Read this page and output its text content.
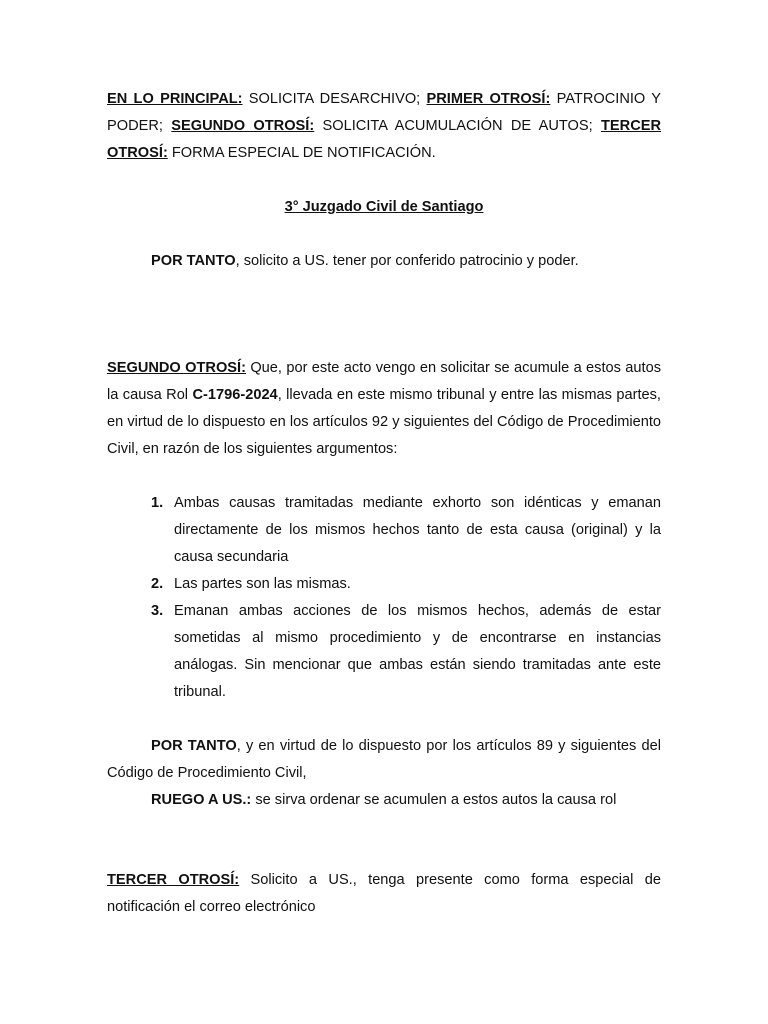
EN LO PRINCIPAL: SOLICITA DESARCHIVO; PRIMER OTROSÍ: PATROCINIO Y PODER; SEGUNDO OTROSÍ: SOLICITA ACUMULACIÓN DE AUTOS; TERCER OTROSÍ: FORMA ESPECIAL DE NOTIFICACIÓN.

3° Juzgado Civil de Santiago

POR TANTO, solicito a US. tener por conferido patrocinio y poder.

SEGUNDO OTROSÍ: Que, por este acto vengo en solicitar se acumule a estos autos  la causa Rol C-1796-2024, llevada en este mismo tribunal y entre las mismas partes, en virtud de lo dispuesto en los artículos 92 y siguientes del Código de Procedimiento Civil, en razón de los siguientes argumentos:

1. Ambas causas tramitadas mediante exhorto son idénticas y emanan directamente de los mismos hechos tanto de esta causa (original) y la causa secundaria
2. Las partes son las mismas.
3. Emanan ambas acciones de los mismos hechos, además de estar sometidas al mismo procedimiento y de encontrarse en instancias análogas. Sin mencionar que ambas están siendo tramitadas ante este tribunal.

POR TANTO, y en virtud de lo dispuesto por los artículos 89 y siguientes del Código de Procedimiento Civil,

RUEGO A US.: se sirva ordenar se acumulen a estos autos la causa rol

TERCER OTROSÍ: Solicito a US., tenga presente como forma especial de notificación el correo electrónico
